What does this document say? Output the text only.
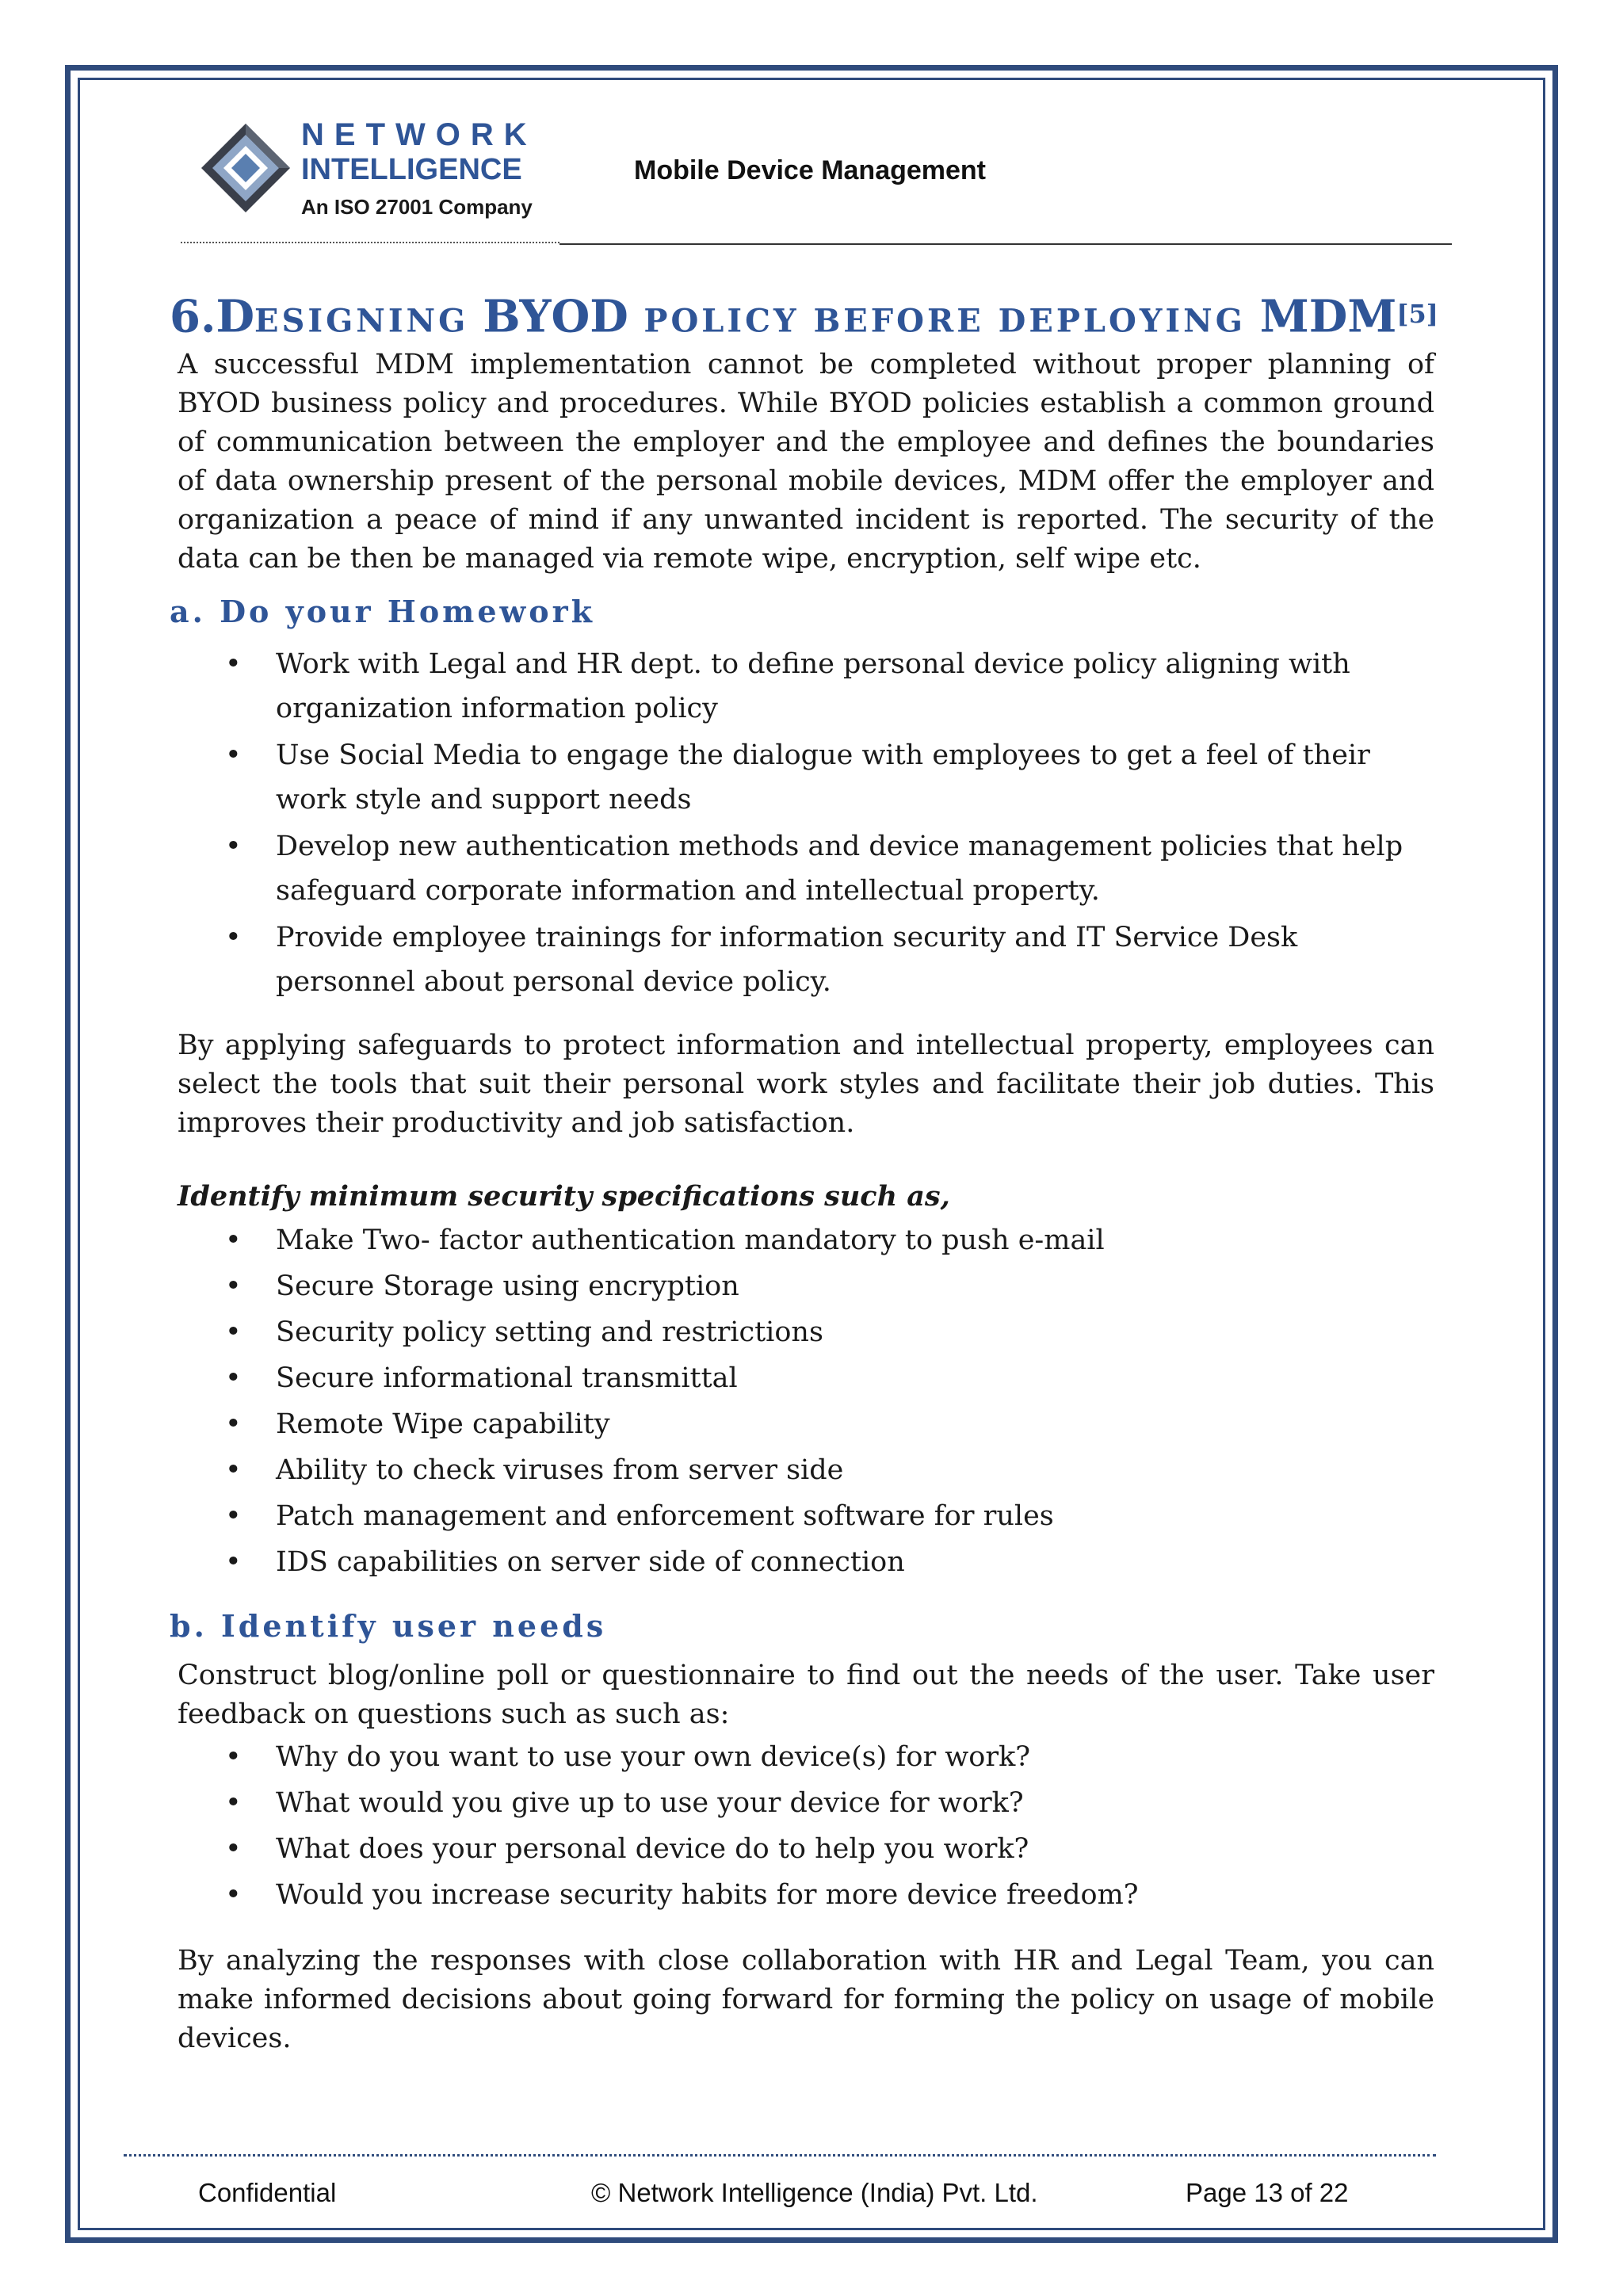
NETWORK
INTELLIGENCE
An ISO 27001 Company
Mobile Device Management
6.DESIGNING BYOD POLICY BEFORE DEPLOYING MDM[5]

A successful MDM implementation cannot be completed without proper planning of BYOD business policy and procedures. While BYOD policies establish a common ground of communication between the employer and the employee and defines the boundaries of data ownership present of the personal mobile devices, MDM offer the employer and organization a peace of mind if any unwanted incident is reported. The security of the data can be then be managed via remote wipe, encryption, self wipe etc.

a. Do your Homework
• Work with Legal and HR dept. to define personal device policy aligning with organization information policy
• Use Social Media to engage the dialogue with employees to get a feel of their work style and support needs
• Develop new authentication methods and device management policies that help safeguard corporate information and intellectual property.
• Provide employee trainings for information security and IT Service Desk personnel about personal device policy.

By applying safeguards to protect information and intellectual property, employees can select the tools that suit their personal work styles and facilitate their job duties. This improves their productivity and job satisfaction.

Identify minimum security specifications such as,

• Make Two- factor authentication mandatory to push e-mail
• Secure Storage using encryption
• Security policy setting and restrictions
• Secure informational transmittal
• Remote Wipe capability
• Ability to check viruses from server side
• Patch management and enforcement software for rules
• IDS capabilities on server side of connection
b. Identify user needs

Construct blog/online poll or questionnaire to find out the needs of the user. Take user feedback on questions such as such as:

• Why do you want to use your own device(s) for work?
• What would you give up to use your device for work?
• What does your personal device do to help you work?
• Would you increase security habits for more device freedom?

By analyzing the responses with close collaboration with HR and Legal Team, you can make informed decisions about going forward for forming the policy on usage of mobile devices.

Confidential	© Network Intelligence (India) Pvt. Ltd.	Page 13 of 22
